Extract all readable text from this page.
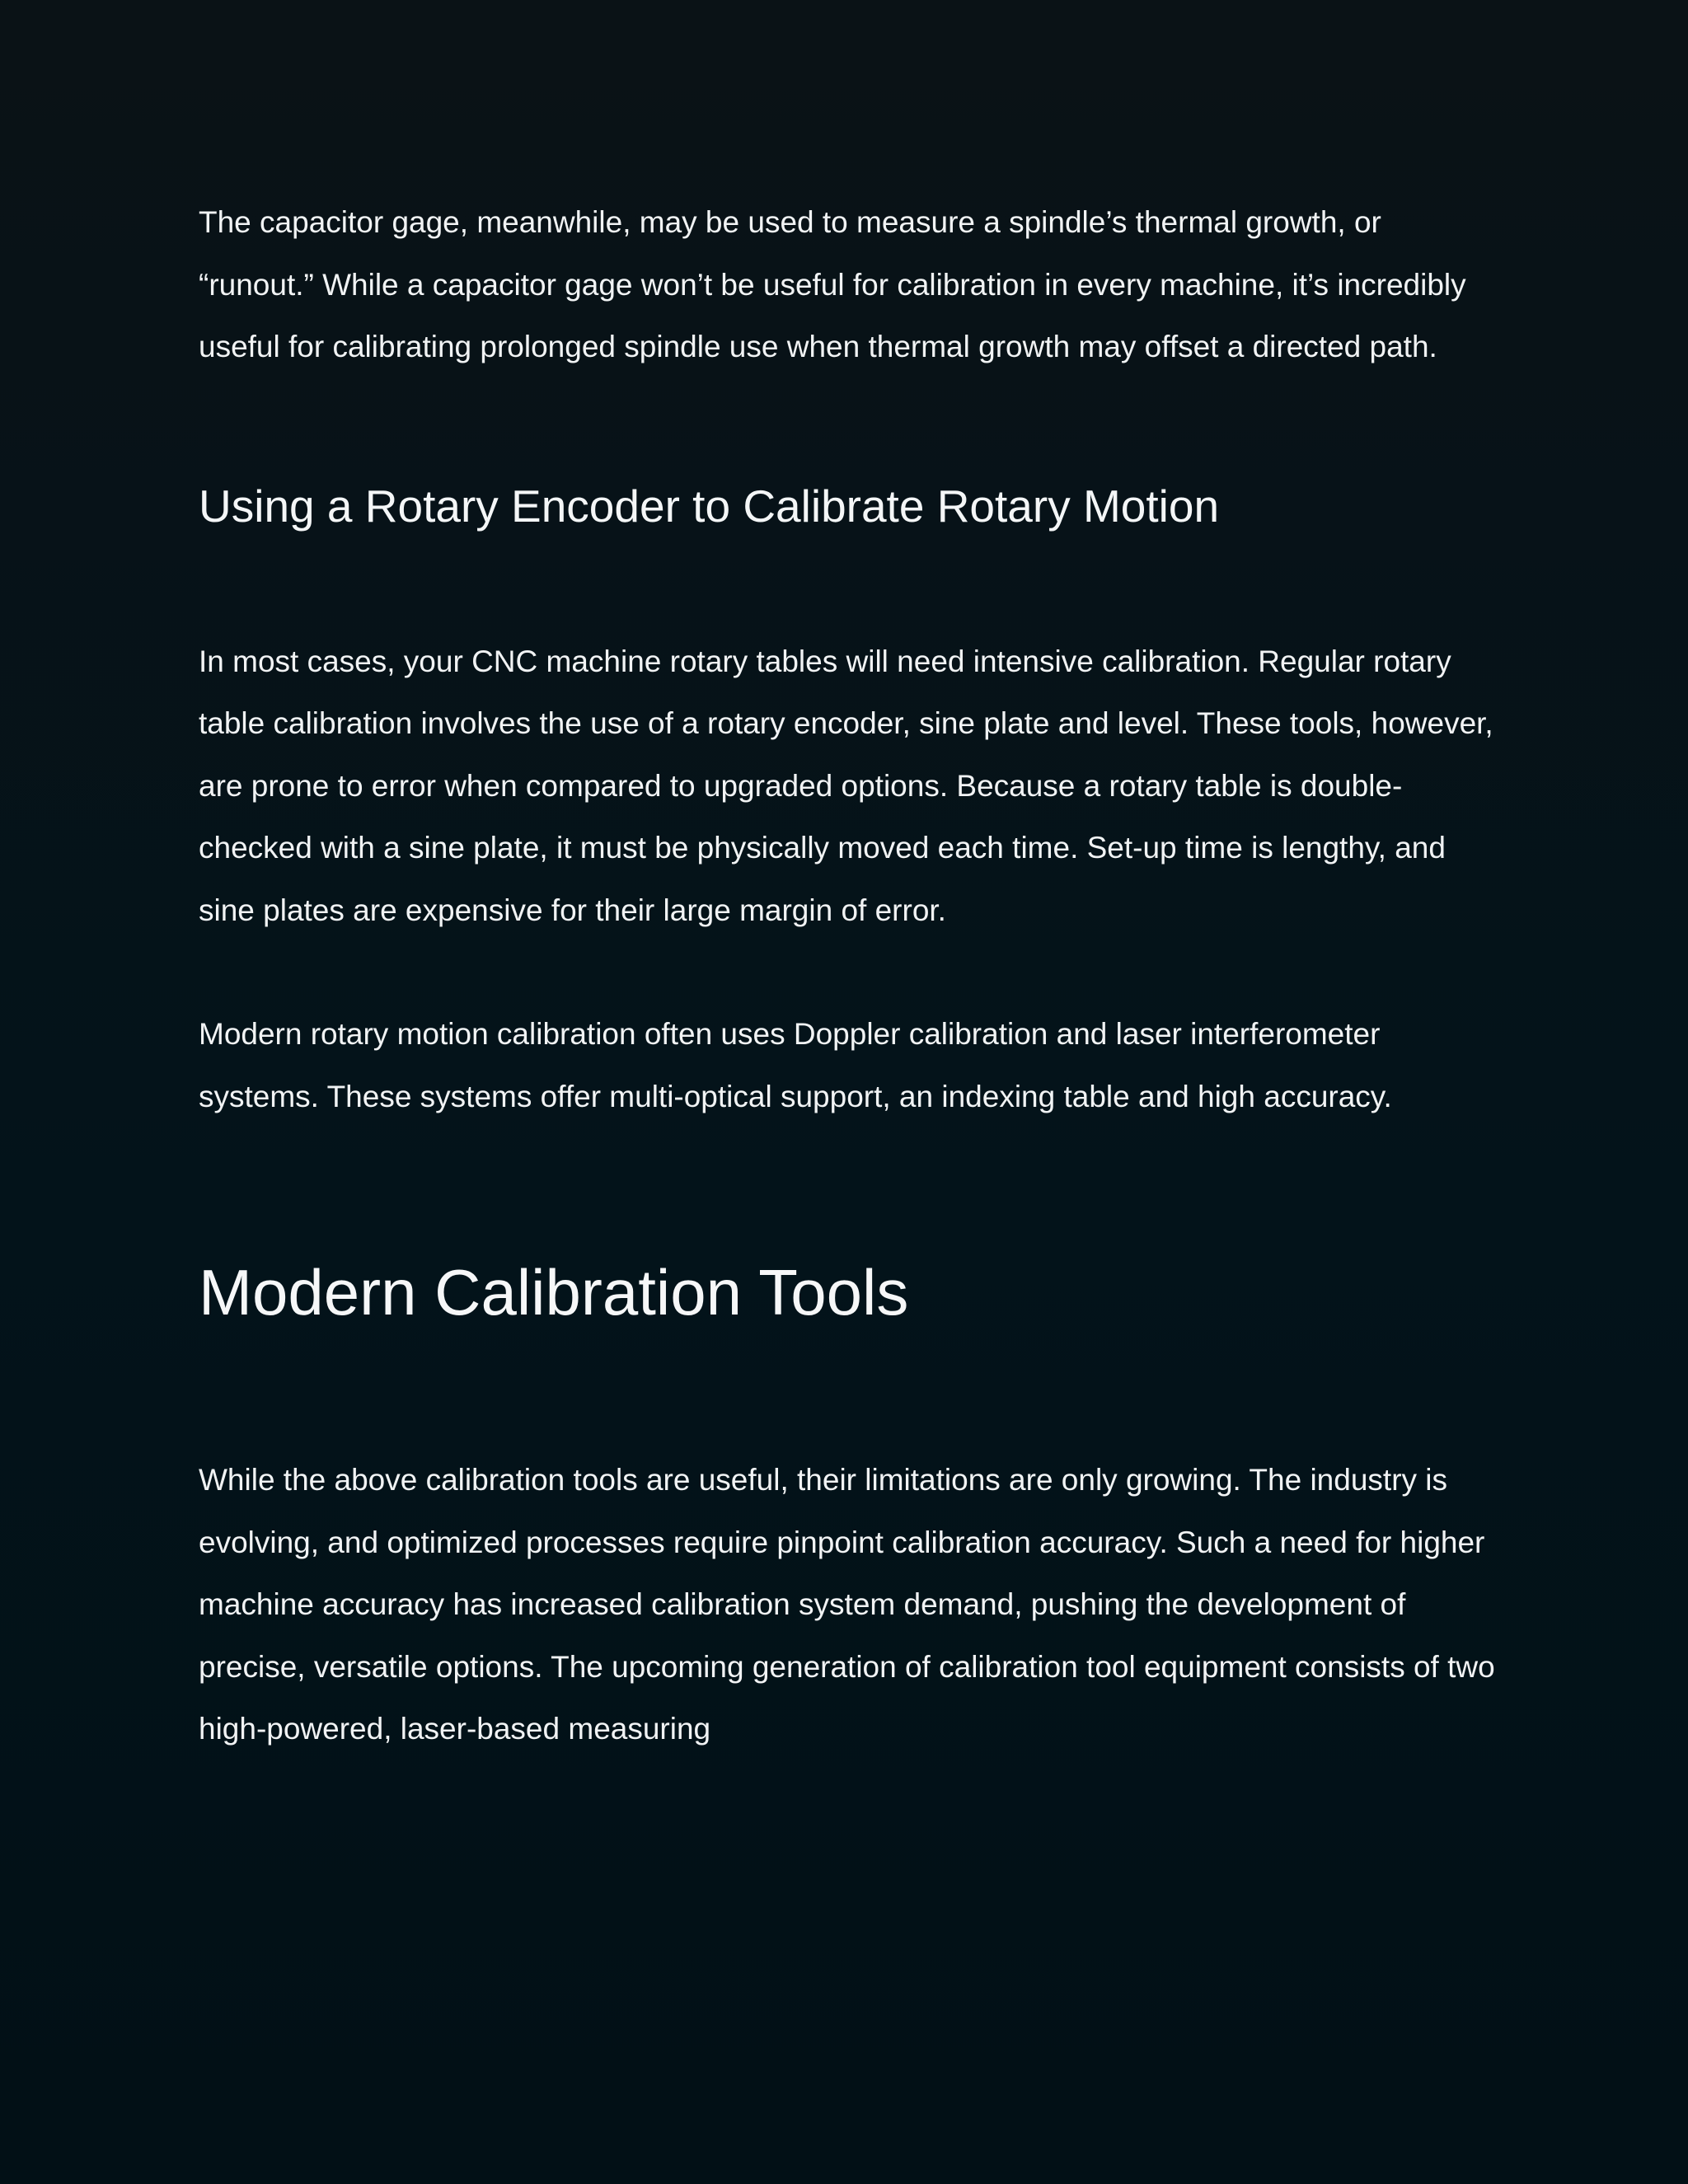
The capacitor gage, meanwhile, may be used to measure a spindle’s thermal growth, or “runout.” While a capacitor gage won’t be useful for calibration in every machine, it’s incredibly useful for calibrating prolonged spindle use when thermal growth may offset a directed path.

Using a Rotary Encoder to Calibrate Rotary Motion

In most cases, your CNC machine rotary tables will need intensive calibration. Regular rotary table calibration involves the use of a rotary encoder, sine plate and level. These tools, however, are prone to error when compared to upgraded options. Because a rotary table is double-checked with a sine plate, it must be physically moved each time. Set-up time is lengthy, and sine plates are expensive for their large margin of error.

Modern rotary motion calibration often uses Doppler calibration and laser interferometer systems. These systems offer multi-optical support, an indexing table and high accuracy.

Modern Calibration Tools

While the above calibration tools are useful, their limitations are only growing. The industry is evolving, and optimized processes require pinpoint calibration accuracy. Such a need for higher machine accuracy has increased calibration system demand, pushing the development of precise, versatile options. The upcoming generation of calibration tool equipment consists of two high-powered, laser-based measuring
